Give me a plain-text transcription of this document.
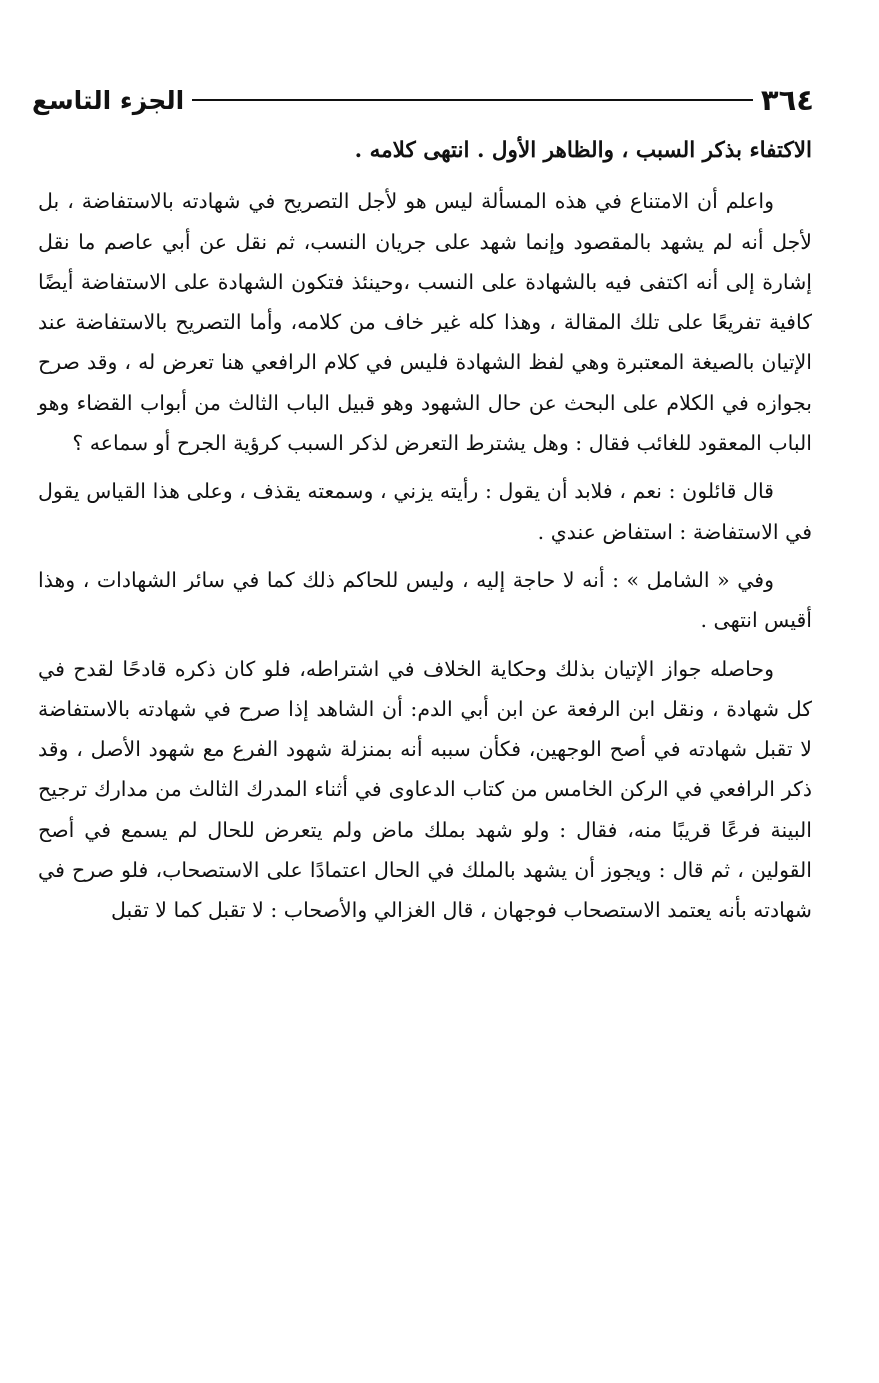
٣٦٤
الجزء التاسع

الاكتفاء بذكر السبب ، والظاهر الأول . انتهى كلامه .

واعلم أن الامتناع في هذه المسألة ليس هو لأجل التصريح في شهادته بالاستفاضة ، بل لأجل أنه لم يشهد بالمقصود وإنما شهد على جريان النسب، ثم نقل عن أبي عاصم ما نقل إشارة إلى أنه اكتفى فيه بالشهادة على النسب ،وحينئذ فتكون الشهادة على الاستفاضة أيضًا كافية تفريعًا على تلك المقالة ، وهذا كله غير خاف من كلامه، وأما التصريح بالاستفاضة عند الإتيان بالصيغة المعتبرة وهي لفظ الشهادة فليس في كلام الرافعي هنا تعرض له ، وقد صرح بجوازه في الكلام على البحث عن حال الشهود وهو قبيل الباب الثالث من أبواب القضاء وهو الباب المعقود للغائب فقال : وهل يشترط التعرض لذكر السبب كرؤية الجرح أو سماعه ؟

قال قائلون : نعم ، فلابد أن يقول : رأيته يزني ، وسمعته يقذف ، وعلى هذا القياس يقول في الاستفاضة : استفاض عندي .

وفي « الشامل » : أنه لا حاجة إليه ، وليس للحاكم ذلك كما في سائر الشهادات ، وهذا أقيس انتهى .

وحاصله جواز الإتيان بذلك وحكاية الخلاف في اشتراطه، فلو كان ذكره قادحًا لقدح في كل شهادة ، ونقل ابن الرفعة عن ابن أبي الدم: أن الشاهد إذا صرح في شهادته بالاستفاضة لا تقبل شهادته في أصح الوجهين، فكأن سببه أنه بمنزلة شهود الفرع مع شهود الأصل ، وقد ذكر الرافعي في الركن الخامس من كتاب الدعاوى في أثناء المدرك الثالث من مدارك ترجيح البينة فرعًا قريبًا منه، فقال : ولو شهد بملك ماض ولم يتعرض للحال لم يسمع في أصح القولين ، ثم قال : ويجوز أن يشهد بالملك في الحال اعتمادًا على الاستصحاب، فلو صرح في شهادته بأنه يعتمد الاستصحاب فوجهان ، قال الغزالي والأصحاب : لا تقبل كما لا تقبل
